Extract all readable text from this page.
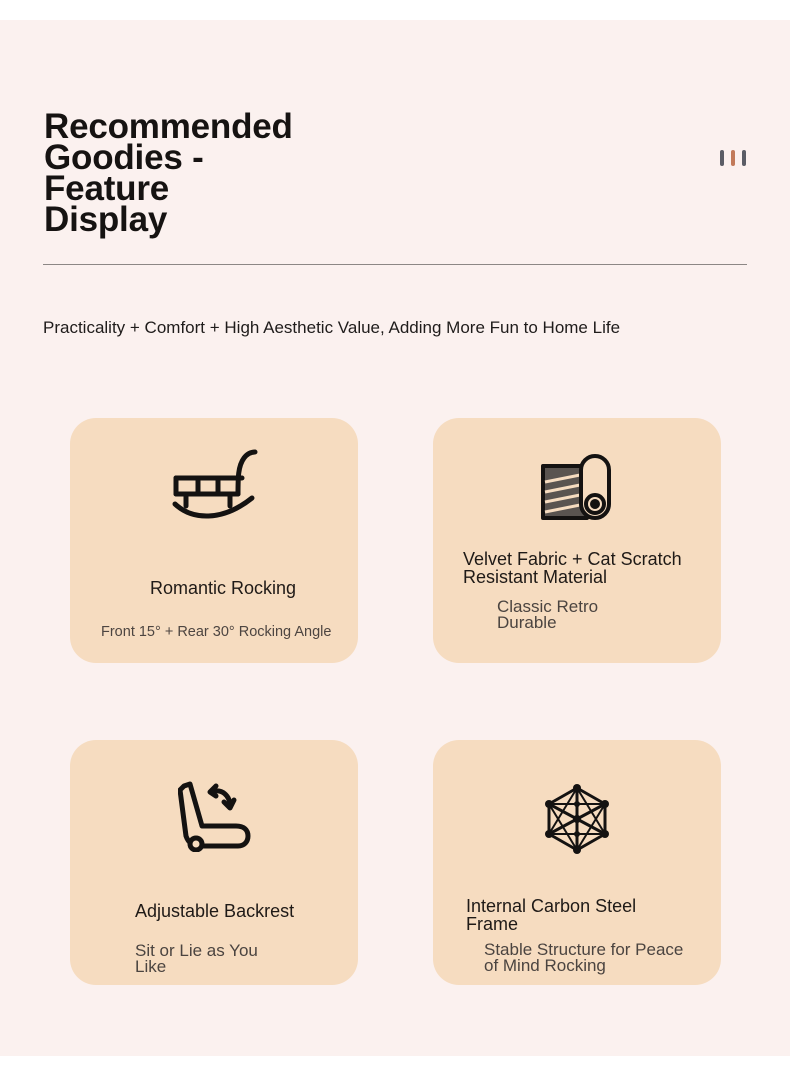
Recommended
Goodies -
Feature
Display
Practicality + Comfort + High Aesthetic Value, Adding More Fun to Home Life
Romantic Rocking
Front 15° + Rear 30° Rocking Angle
Velvet Fabric + Cat Scratch Resistant Material
Classic Retro Durable
Adjustable Backrest
Sit or Lie as You Like
Internal Carbon Steel Frame
Stable Structure for Peace of Mind Rocking
